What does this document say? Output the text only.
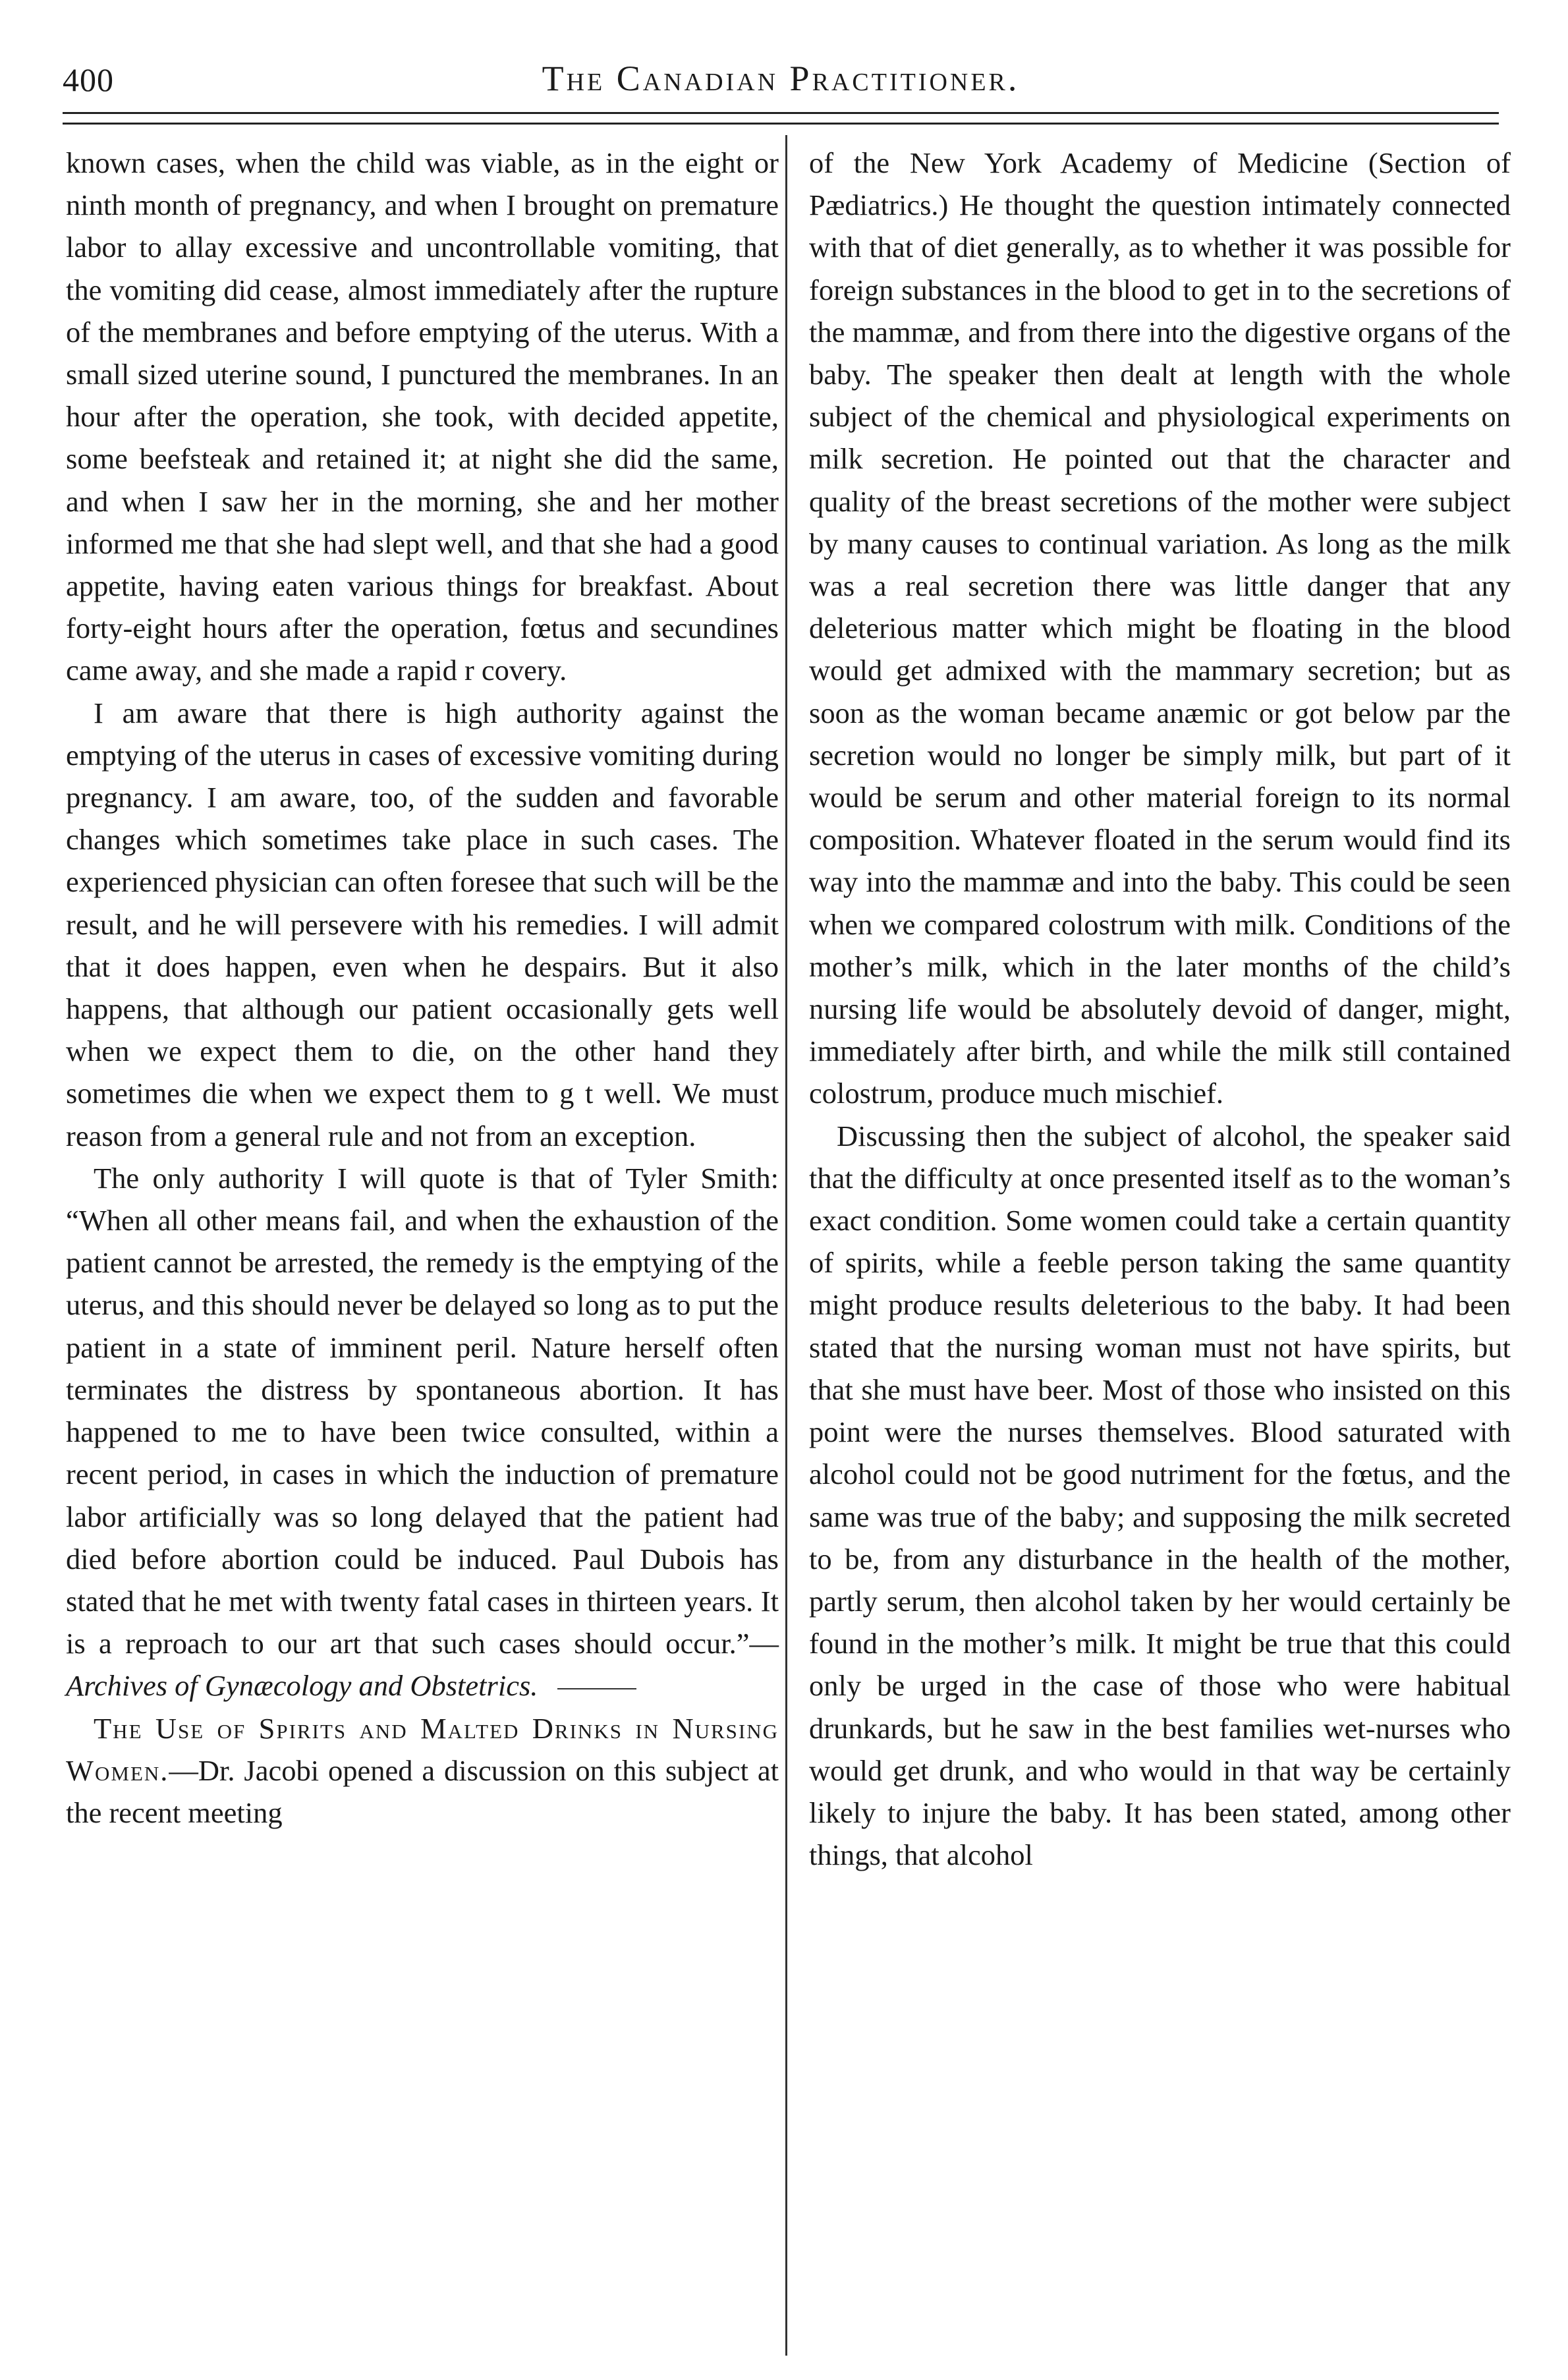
400	The Canadian Practitioner.

known cases, when the child was viable, as in the eight or ninth month of pregnancy, and when I brought on premature labor to allay excessive and uncontrollable vomiting, that the vomiting did cease, almost immediately after the rupture of the membranes and before emptying of the uterus. With a small sized uterine sound, I punctured the membranes. In an hour after the operation, she took, with decided appetite, some beefsteak and retained it; at night she did the same, and when I saw her in the morning, she and her mother informed me that she had slept well, and that she had a good appetite, having eaten various things for breakfast. About forty-eight hours after the operation, fœtus and secundines came away, and she made a rapid r covery.

I am aware that there is high authority against the emptying of the uterus in cases of excessive vomiting during pregnancy. I am aware, too, of the sudden and favorable changes which sometimes take place in such cases. The experienced physician can often foresee that such will be the result, and he will persevere with his remedies. I will admit that it does happen, even when he despairs. But it also happens, that although our patient occasionally gets well when we expect them to die, on the other hand they sometimes die when we expect them to g t well. We must reason from a general rule and not from an exception.

The only authority I will quote is that of Tyler Smith: “When all other means fail, and when the exhaustion of the patient cannot be arrested, the remedy is the emptying of the uterus, and this should never be delayed so long as to put the patient in a state of imminent peril. Nature herself often terminates the distress by spontaneous abortion. It has happened to me to have been twice consulted, within a recent period, in cases in which the induction of premature labor artificially was so long delayed that the patient had died before abortion could be induced. Paul Dubois has stated that he met with twenty fatal cases in thirteen years. It is a reproach to our art that such cases should occur.”—Archives of Gynæcology and Obstetrics.

The Use of Spirits and Malted Drinks in Nursing Women.—Dr. Jacobi opened a discussion on this subject at the recent meeting

of the New York Academy of Medicine (Section of Pædiatrics.) He thought the question intimately connected with that of diet generally, as to whether it was possible for foreign substances in the blood to get in to the secretions of the mammæ, and from there into the digestive organs of the baby. The speaker then dealt at length with the whole subject of the chemical and physiological experiments on milk secretion. He pointed out that the character and quality of the breast secretions of the mother were subject by many causes to continual variation. As long as the milk was a real secretion there was little danger that any deleterious matter which might be floating in the blood would get admixed with the mammary secretion; but as soon as the woman became anæmic or got below par the secretion would no longer be simply milk, but part of it would be serum and other material foreign to its normal composition. Whatever floated in the serum would find its way into the mammæ and into the baby. This could be seen when we compared colostrum with milk. Conditions of the mother’s milk, which in the later months of the child’s nursing life would be absolutely devoid of danger, might, immediately after birth, and while the milk still contained colostrum, produce much mischief.

Discussing then the subject of alcohol, the speaker said that the difficulty at once presented itself as to the woman’s exact condition. Some women could take a certain quantity of spirits, while a feeble person taking the same quantity might produce results deleterious to the baby. It had been stated that the nursing woman must not have spirits, but that she must have beer. Most of those who insisted on this point were the nurses themselves. Blood saturated with alcohol could not be good nutriment for the fœtus, and the same was true of the baby; and supposing the milk secreted to be, from any disturbance in the health of the mother, partly serum, then alcohol taken by her would certainly be found in the mother’s milk. It might be true that this could only be urged in the case of those who were habitual drunkards, but he saw in the best families wet-nurses who would get drunk, and who would in that way be certainly likely to injure the baby. It has been stated, among other things, that alcohol
